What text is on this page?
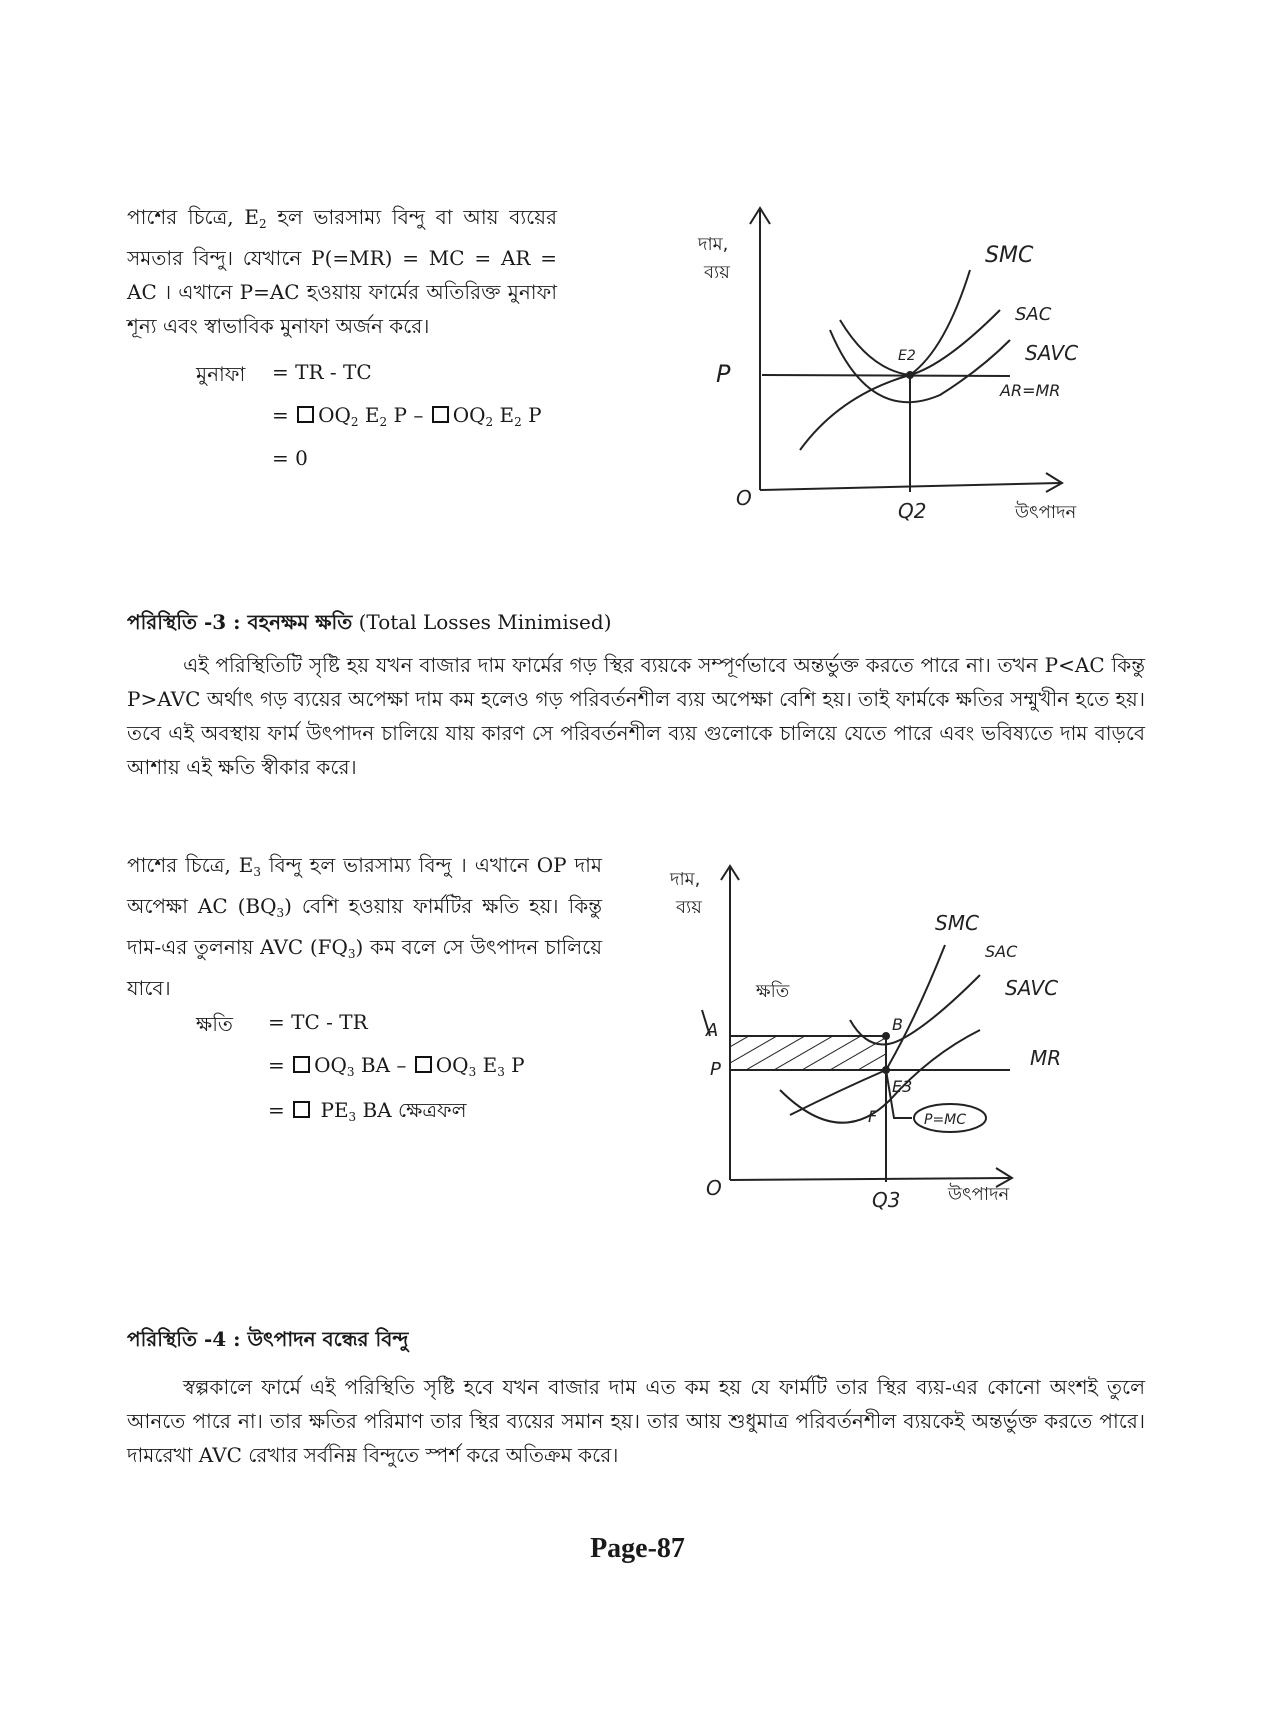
পাশের চিত্রে, $E_2$ হল ভারসাম্য বিন্দু বা আয় ব্যয়ের সমতার বিন্দু। যেখানে P(=MR) = MC = AR = AC । এখানে P=AC হওয়ায় ফার্মের অতিরিক্ত মুনাফা শূন্য এবং স্বাভাবিক মুনাফা অর্জন করে।
মুনাফা = TR - TC
= $OQ_2$ $E_2$ P – $OQ_2$ $E_2$ P
= 0
দাম,
ব্যয়
P
O
Q2	উৎপাদন
SMC
SAC
SAVC
AR=MR
E2
পরিস্থিতি -3 : বহনক্ষম ক্ষতি (Total Losses Minimised)
এই পরিস্থিতিটি সৃষ্টি হয় যখন বাজার দাম ফার্মের গড় স্থির ব্যয়কে সম্পূর্ণভাবে অন্তর্ভুক্ত করতে পারে না। তখন P<AC কিন্তু P>AVC অর্থাৎ গড় ব্যয়ের অপেক্ষা দাম কম হলেও গড় পরিবর্তনশীল ব্যয় অপেক্ষা বেশি হয়। তাই ফার্মকে ক্ষতির সম্মুখীন হতে হয়। তবে এই অবস্থায় ফার্ম উৎপাদন চালিয়ে যায় কারণ সে পরিবর্তনশীল ব্যয় গুলোকে চালিয়ে যেতে পারে এবং ভবিষ্যতে দাম বাড়বে আশায় এই ক্ষতি স্বীকার করে।
পাশের চিত্রে, $E_3$ বিন্দু হল ভারসাম্য বিন্দু । এখানে OP দাম অপেক্ষা AC $(BQ_3)$ বেশি হওয়ায় ফার্মটির ক্ষতি হয়। কিন্তু দাম-এর তুলনায় AVC $(FQ_3)$ কম বলে সে উৎপাদন চালিয়ে যাবে।
ক্ষতি = TC - TR
= $OQ_3$ BA – $OQ_3$ $E_3$ P
=  $PE_3$ BA ক্ষেত্রফল
দাম,
ব্যয়
ক্ষতি
A
P
O	Q3	উৎপাদন
SMC
SAC
SAVC
MR
B
E3
F	P=MC
পরিস্থিতি -4 : উৎপাদন বন্ধের বিন্দু
স্বল্পকালে ফার্মে এই পরিস্থিতি সৃষ্টি হবে যখন বাজার দাম এত কম হয় যে ফার্মটি তার স্থির ব্যয়-এর কোনো অংশই তুলে আনতে পারে না। তার ক্ষতির পরিমাণ তার স্থির ব্যয়ের সমান হয়। তার আয় শুধুমাত্র পরিবর্তনশীল ব্যয়কেই অন্তর্ভুক্ত করতে পারে। দামরেখা AVC রেখার সর্বনিম্ন বিন্দুতে স্পর্শ করে অতিক্রম করে।
Page-87
